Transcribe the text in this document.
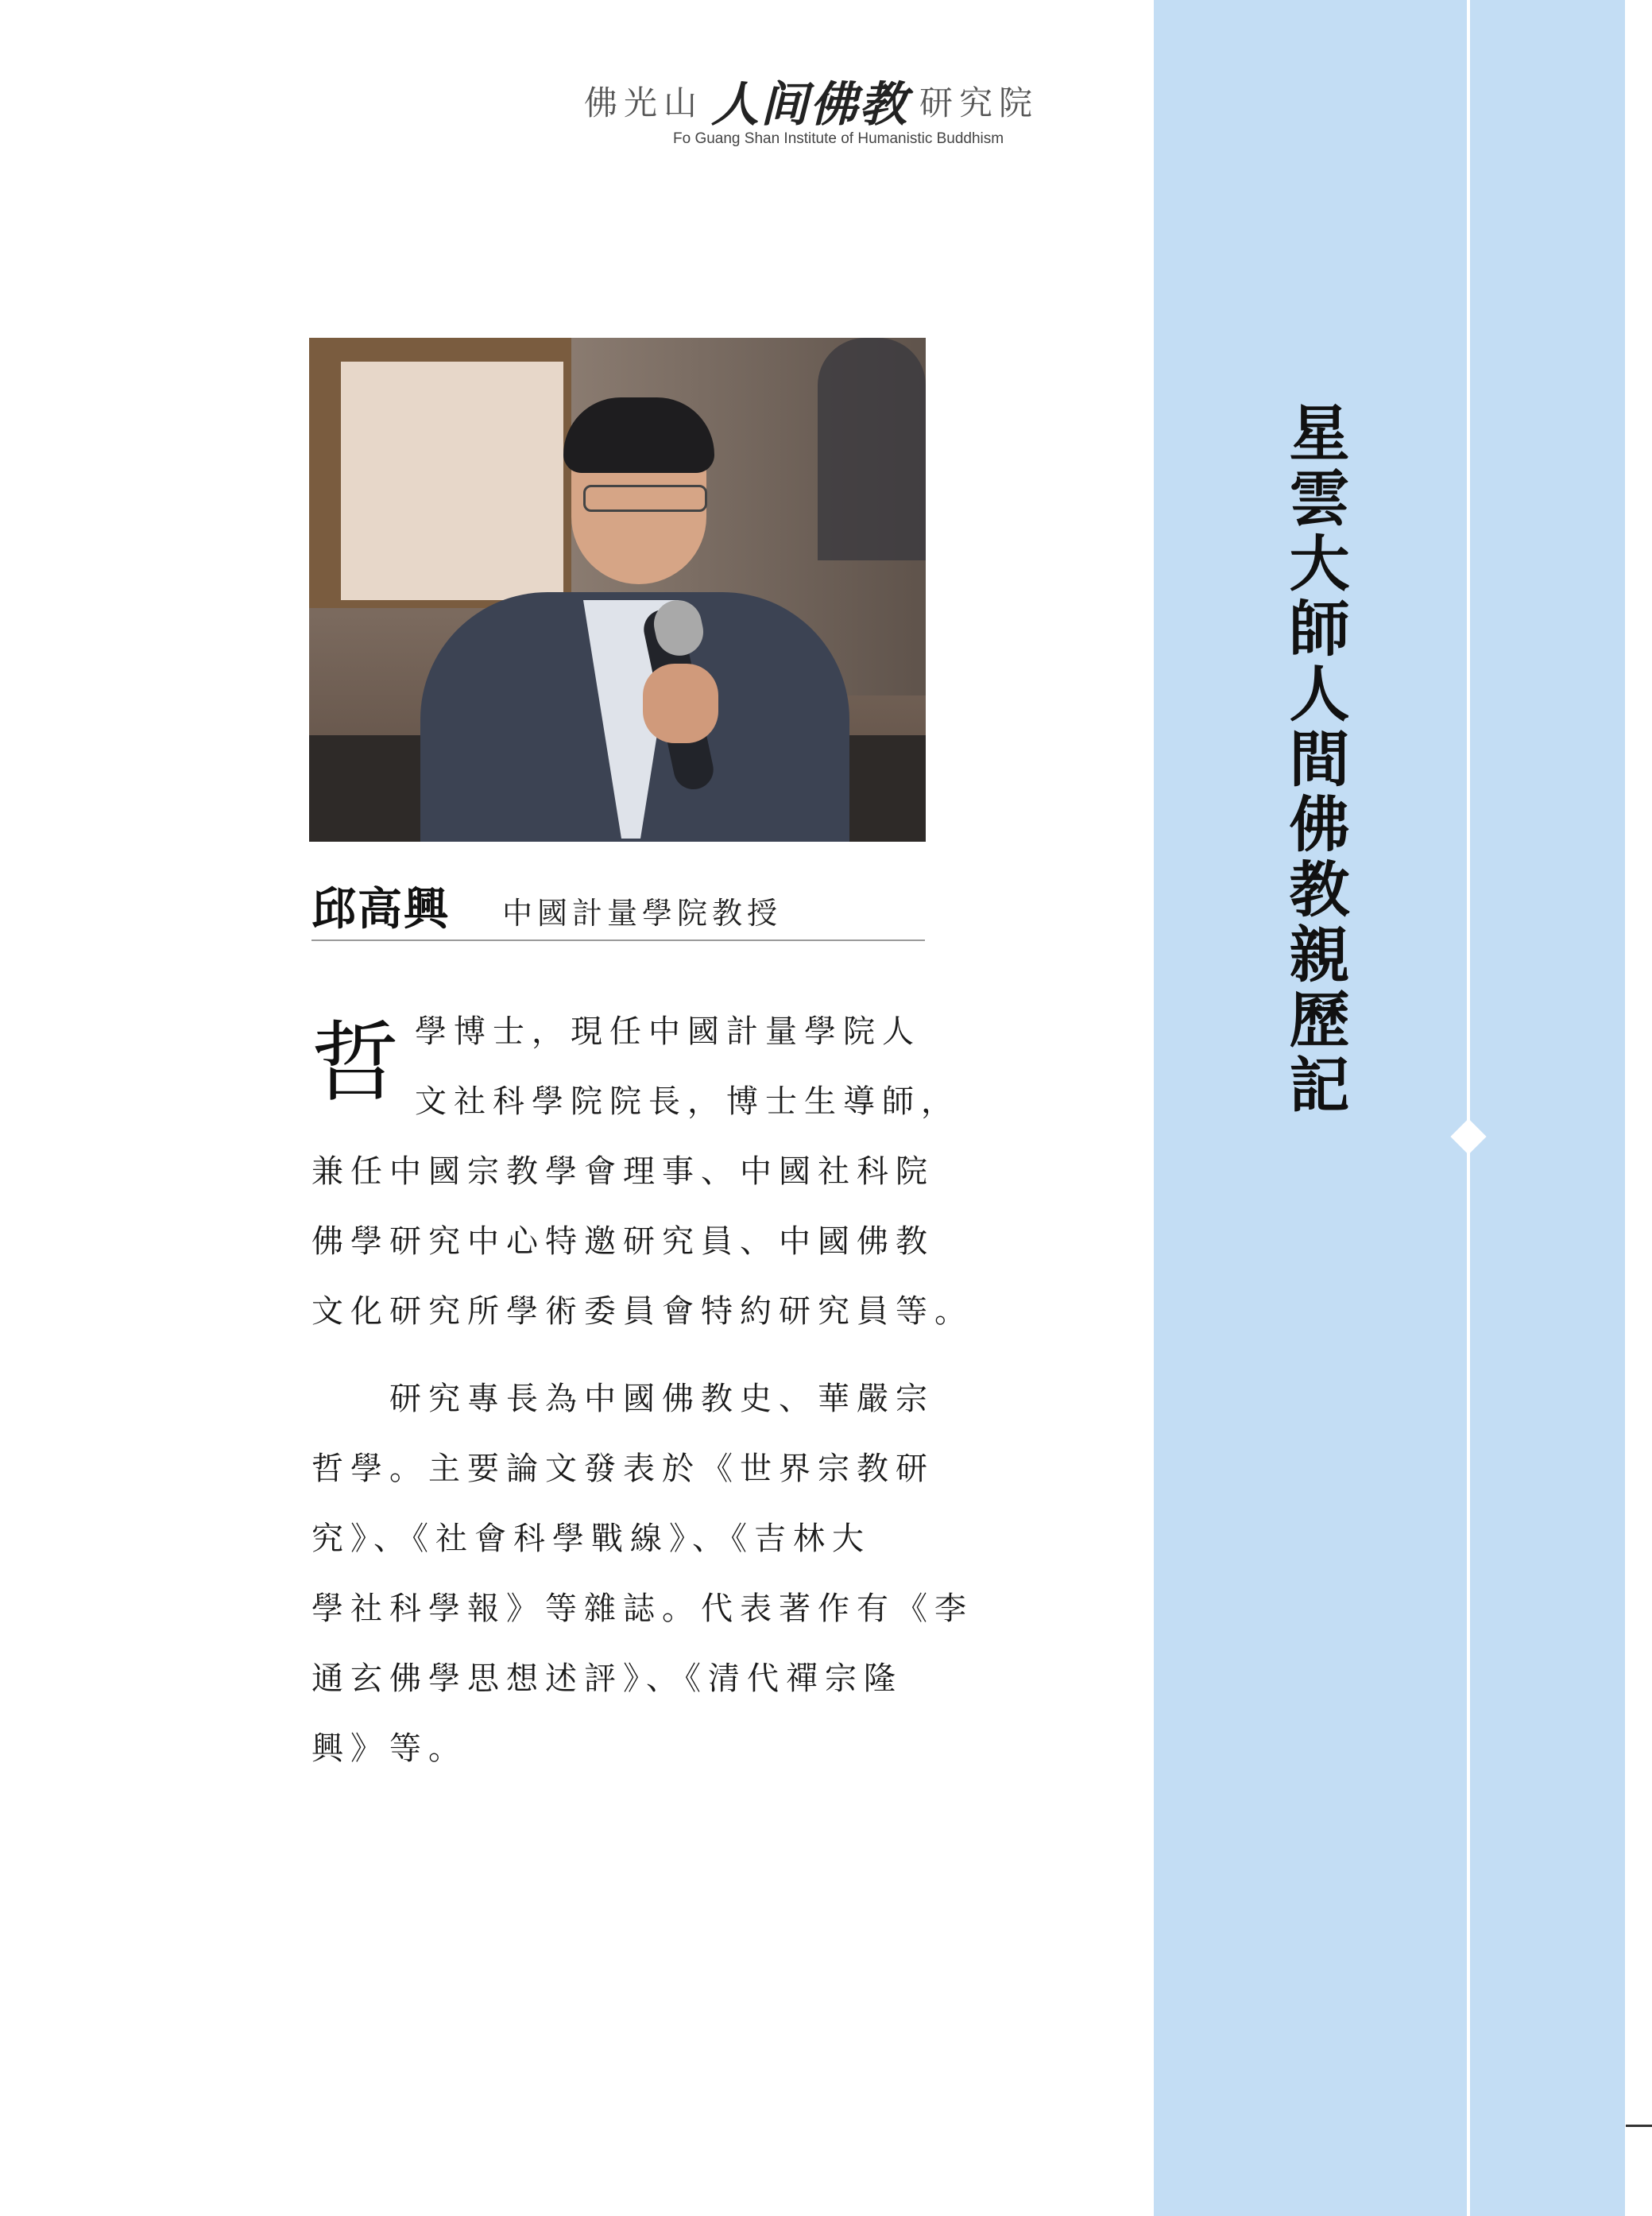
佛光山 人间佛教 研究院
Fo Guang Shan Institute of Humanistic Buddhism
邱高興 中國計量學院教授
哲 學博士，現任中國計量學院人
文社科學院院長，博士生導師，
兼任中國宗教學會理事、中國社科院
佛學研究中心特邀研究員、中國佛教
文化研究所學術委員會特約研究員等。
　　研究專長為中國佛教史、華嚴宗
哲學。主要論文發表於《世界宗教研
究》、《社會科學戰線》、《吉林大
學社科學報》等雜誌。代表著作有《李
通玄佛學思想述評》、《清代禪宗隆
興》等。
星雲大師人間佛教親歷記
